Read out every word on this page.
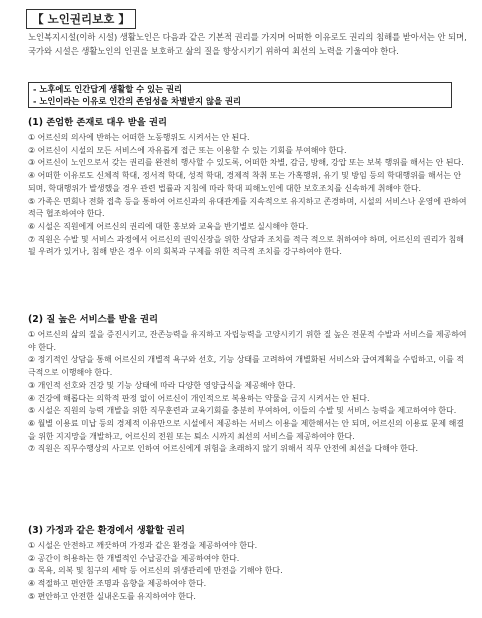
【 노인권리보호 】

노인복지시설(이하 시설) 생활노인은 다음과 같은 기본적 권리를 가지며 어떠한 이유로도 권리의 침해를 받아서는 안 되며, 국가와 시설은 생활노인의 인권을 보호하고 삶의 질을 향상시키기 위하여 최선의 노력을 기울여야 한다.

- 노후에도 인간답게 생활할 수 있는 권리
- 노인이라는 이유로 인간의 존엄성을 차별받지 않을 권리
(1) 존엄한 존재로 대우 받을 권리

① 어르신의 의사에 반하는 어떠한 노동행위도 시켜서는 안 된다.

② 어르신이 시설의 모든 서비스에 자유롭게 접근 또는 이용할 수 있는 기회를 부여해야 한다.

③ 어르신이 노인으로서 갖는 권리를 완전히 행사할 수 있도록, 어떠한 차별, 감금, 방해, 강압 또는 보복 행위를 해서는 안 된다.

④ 어떠한 이유로도 신체적 학대, 정서적 학대, 성적 학대, 경제적 착취 또는 가혹행위, 유기 및 방임 등의 학대행위를 해서는 안되며, 학대행위가 발생했을 경우 관련 법률과 지침에 따라 학대 피해노인에 대한 보호조치를 신속하게 취해야 한다.

⑤ 가족은 면회나 전화 접촉 등을 통하여 어르신과의 유대관계를 지속적으로 유지하고 존경하며, 시설의 서비스나 운영에 관하여 적극 협조하여야 한다.

⑥ 시설은 직원에게 어르신의 권리에 대한 홍보와 교육을 반기별로 실시해야 한다.

⑦ 직원은 수발 및 서비스 과정에서 어르신의 권익신장을 위한 상담과 조치를 적극 적으로 취하여야 하며, 어르신의 권리가 침해될 우려가 있거나, 침해 받은 경우 이의 회복과 구제를 위한 적극적 조치를 강구하여야 한다.

(2) 질 높은 서비스를 받을 권리

① 어르신의 삶의 질을 증진시키고, 잔존능력을 유지하고 자립능력을 고양시키기 위한 질 높은 전문적 수발과 서비스를 제공하여야 한다.

② 정기적인 상담을 통해 어르신의 개별적 욕구와 선호, 기능 상태를 고려하여 개별화된 서비스와 급여계획을 수립하고, 이를 적극적으로 이행해야 한다.

③ 개인적 선호와 건강 및 기능 상태에 따라 다양한 영양급식을 제공해야 한다.

④ 건강에 해롭다는 의학적 판정 없이 어르신이 개인적으로 복용하는 약물을 금지 시켜서는 안 된다.

⑤ 시설은 직원의 능력 개발을 위한 직무훈련과 교육기회를 충분히 부여하여, 이들의 수발 및 서비스 능력을 제고하여야 한다.

⑥ 월별 이용료 미납 등의 경제적 이유만으로 시설에서 제공하는 서비스 이용을 제한해서는 안 되며, 어르신의 이용료 문제 해결을 위한 지지망을 개발하고, 어르신의 전원 또는 퇴소 시까지 최선의 서비스를 제공하여야 한다.

⑦ 직원은 직무수행상의 사고로 인하여 어르신에게 위험을 초래하지 않기 위해서 직무 안전에 최선을 다해야 한다.

(3) 가정과 같은 환경에서 생활할 권리

① 시설은 안전하고 깨끗하며 가정과 같은 환경을 제공하여야 한다.

② 공간이 허용하는 한 개별적인 수납공간을 제공하여야 한다.

③ 목욕, 의복 및 침구의 세탁 등 어르신의 위생관리에 만전을 기해야 한다.

④ 적절하고 편안한 조명과 음향을 제공하여야 한다.

⑤ 편안하고 안전한 실내온도를 유지하여야 한다.
